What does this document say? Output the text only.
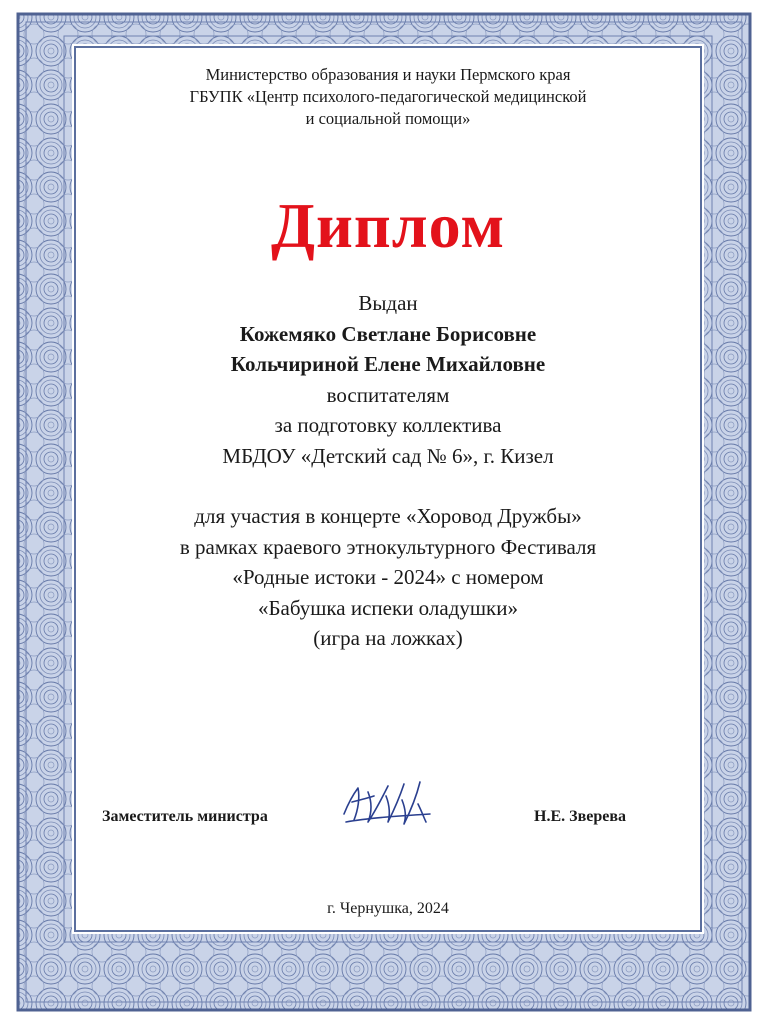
Министерство образования и науки Пермского края
ГБУПК «Центр психолого-педагогической медицинской
и социальной помощи»
Диплом
Выдан
Кожемяко Светлане Борисовне
Кольчириной Елене Михайловне
воспитателям
за подготовку коллектива
МБДОУ «Детский сад № 6», г. Кизел
для участия в концерте «Хоровод Дружбы»
в рамках краевого этнокультурного Фестиваля
«Родные истоки - 2024» с номером
«Бабушка испеки оладушки»
(игра на ложках)
Заместитель министра	Н.Е. Зверева
г. Чернушка, 2024
